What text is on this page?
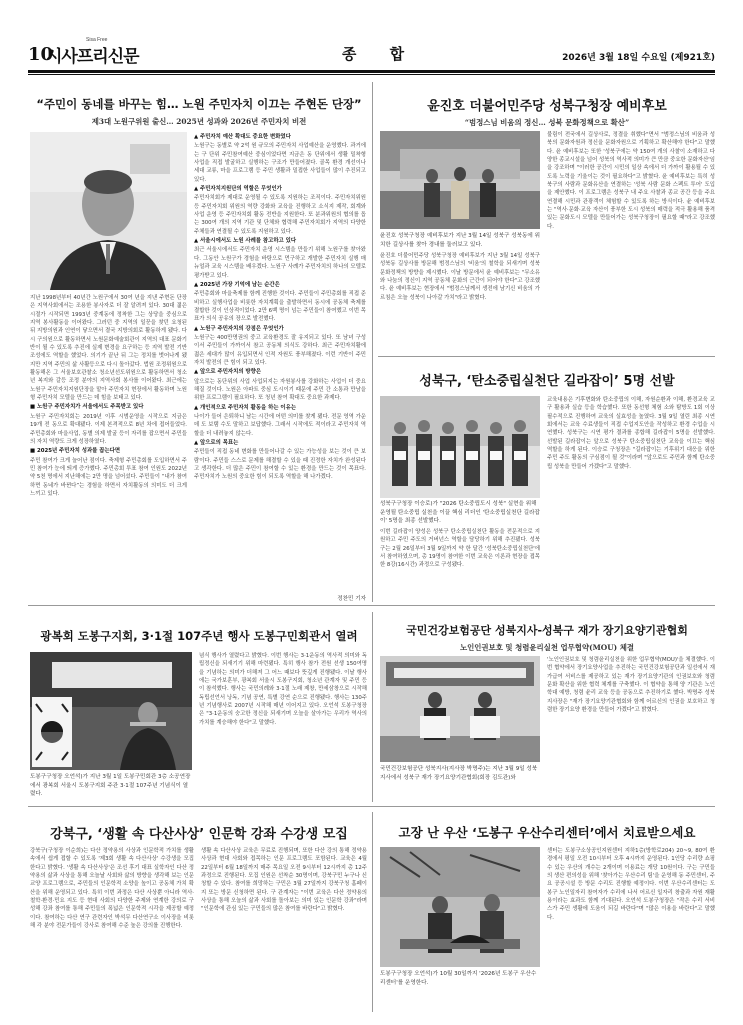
10
시사프리신문
Sisa Free
종 합	2026년 3월 18일 수요일 (제921호)
“주민이 동네를 바꾸는 힘… 노원 주민자치 이끄는 주현돈 단장”
제3대 노원구위원 출신… 2025년 성과와 2026년 주민자치 비전

지난 1998년부터 40년간 노원구에서 30여 년을 지낸 주현돈 단장은 지역사회에서는 조용한 봉사자로 더 잘 알려져 있다. 30대 젊은 시절가 시작되면 1993년 중계동에 정착한 그는 상당을 중심으로 지역 봉사활동을 이어왔다. 그러던 중 지역의 일꾼을 찾던 요청된 뒤 지방의원과 인연이 닿으면서 결국 지방의회로 활동하게 됐다. 다시 구의원으로 활동하면서 노원문화예술회관이 지역의 대표 문화기반이 될 수 있도록 추진에 실제 변경을 요구하는 등 지역 발전 기반 조성에도 역할을 했었다. 의기가 끝난 뒤 그는 정치를 벗어나게 됐지만 지역 주민의 삶 사활등으로 다시 돌아갔다. 법원 조정위원으로 활동해온 그 서울보호관찰소 청소년선도위원으로 활동하면서 청소년 복지와 갈등 조정 분야의 지역사회 봉사를 이어왔다. 최근에는 노원구 주민자치지원단장을 맡아 주민자치 현장에서 활동하며 노원형 주민자치 모델을 만드는 데 힘을 보태고 있다.

■ 노원구 주민자치가 서울에서도 주목받고 있다

노원구 주민자치회는 2019년 이후 시범운영을 시작으로 지금은 19개 전 동으로 확대됐다. 이제 본격적으로 8년 차에 접어들었다. 주민총회와 마을사업, 동별 의제 발굴 등이 자리를 잡으면서 주민들의 자치 역량도 크게 성장하였다.

■ 2025년 주민자치 성과를 꼽는다면

주민 참여가 크게 늘어난 점이다. 축제형 주민총회를 도입하면서 주민 참여가 눈에 띄게 증가했다. 주민총회 투표 참여 인원도 2022년 약 5천 명에서 지난해에는 2만 명을 넘어섰다. 주민들이 “내가 참여하면 동네가 바뀐다”는 경험을 하면서 자치활동의 의미도 더 크게 느끼고 있다.

▲ 주민자치 예산 확대도 중요한 변화였다

노원구는 동별로 약 2억 원 규모의 주민자치 사업예산을 운영했다. 과거에는 구 단위 주민참여예산 중심이었다면 지금은 동 단위에서 생활 밀착형 사업을 직접 발굴하고 실행하는 구조가 만들어졌다. 골목 환경 개선이나 세대 교류, 마을 프로그램 등 주민 생활과 밀접한 사업들이 많이 추진되고 있다.

▲ 주민자치지원단의 역할은 무엇인가

주민자치회가 제대로 운영될 수 있도록 지원하는 조직이다. 주민자치위원 등 주민자치회 위원의 역량 강화와 교육을 진행하고 소식지 제작, 회계와 사업 운영 등 주민자치회 활동 전반을 지원한다. 또 분과위원의 협의를 돕는 300여 개의 지역 기관 및 단체와 협력해 주민자치회가 지역의 다양한 주체들과 연결될 수 있도록 지원하고 있다.

▲ 서울시에서도 노원 사례를 참고하고 있다

최근 서울시에서도 주민자치 운영 시스템을 만들기 위해 노원구를 찾아왔다. 그동안 노원구가 경험을 바탕으로 먼구하고 개발한 주민자치 실행 매뉴얼과 교육 시스템을 배우겠다. 노원구 사례가 주민자치의 하나의 모델로 평가받고 있다.

▲ 2025년 가장 기억에 남는 순간은

주민총회와 마을축제를 함께 진행한 것이다. 주민들이 주민총회를 직접 준비하고 실행사업을 비롯한 자치계획을 출발하면서 동시에 공동체 축제를 결합한 것이 인상적이었다. 2만 6백 명이 넘는 주민들이 참여했고 이번 목표가 의식 공유의 장으로 발전했다.

▲ 노원구 주민자치의 강점은 무엇인가

노원구는 400만명권의 중고 교육환경도 잘 유지되고 있다. 또 남녀 구성이서 주민들이 가까이서 참고 공동체 의식도 강하다. 최근 주민자치활에 젊은 세대가 많이 유입되면서 인적 자원도 풍부해졌다. 이런 기반이 주민자치 발전의 큰 힘이 되고 있다.

▲ 앞으로 주민자치의 방향은

앞으로는 동단위의 사업 사업되지는 자원봉사를 강화하는 사업이 더 중요해질 것이다. 노원은 아파트 중심 도시이기 때문에 주민 간 소통과 만남을 위한 프로그램이 필요하다. 또 청년 참여 확대도 중요한 과제다.

▲ 개인적으로 주민자치 활동을 하는 이유는

나이가 들어 은퇴하니 남는 시간에 어떤 의미를 찾게 됐다. 전문 영역 가운데 도 보탬 수도 말하고 보답했다. 그래서 시작에도 적이라고 주민자치 역할을 더 내려놓지 않는다.

▲ 앞으로의 목표는

주민들이 직접 동네 변화를 만들어나갈 수 있는 가능성을 보는 것이 큰 보람이다. 주민들 스스로 문제를 해결할 수 있을 때 진정한 자치가 완성된다고 생각한다. 더 많은 주민이 참여할 수 있는 환경을 만드는 것이 목표다. 주민자치가 노원의 중요한 힘이 되도록 역할을 해 나가겠다.

정찬민 기자
윤진호 더불어민주당 성북구청장 예비후보
“범정스님 비움의 정신… 성북 문화정책으로 확산”
윤진호 성북구청장 예비후보가 지난 3월 14일 성북구 성북동에 위치한 길상사를 찾아 경내를 둘러보고 있다.
윤진호 더불어민주당 성북구청장 예비후보가 지난 3월 14일 성북구 성북동 길상사를 방문해 범정스님의 '비움'의 철학을 되새기며 성북 문화정책의 방향을 제시했다. 이날 방문에서 윤 예비후보는 "무소유와 나눔의 정신이 지역 공동체 문화의 근간이 되어야 한다"고 강조했다. 윤 예비후보는 현장에서 "범정스님께서 생전에 남기신 비움의 가르침은 오늘 성북이 나아갈 가치"라고 밝혔다.
불림이 전국에서 길상사로, 정결을 취했다"면서 "범정스님의 비움과 성북의 문화자원과 정신을 문화자원으로 기획하고 확산해야 한다"고 말했다. 윤 예비후보는 또한 '성북구에는 약 150여 개의 사찰이 소재하고 다양한 종교시설을 넘어 성북의 역사적 의미가 큰 만큼 중요한 문화자산'임을 강조하며 "이러한 공간이 시민의 일상 속에서 더 가까이 활용될 수 있도록 노력을 기울이는 것이 필요하다"고 밝혔다. 윤 예비후보는 특히 성북구의 사람과 문화유산을 연결하는 '성북 사람 문화 스펙트 투어' 도입을 제안했다. 이 프로그램은 성북구 내 주요 사찰과 종교 공간 등을 주요 연결해 시민과 관광객이 체험할 수 있도록 하는 방식이다. 윤 예비후보는 "역사·문화·교육 자산이 풍부한 도시 성북의 매력을 적극 활용해 품격 있는 문화도시 모델을 만들어가는 성북구청장이 필요할 때"라고 강조했다.
성북구, ‘탄소중립실천단 길라잡이’ 5명 선발
성북구구청장 이승로)가 "2026 탄소중립도시 성북" 실현을 위해 운영될 탄소중립 실천을 이끌 핵심 리더인 '탄소중립실천단 길라잡이' 5명을 최종 선발했다.
이번 길라잡이 양성은 성북구 탄소중립실천단 활동을 전문적으로 지원하고 주민 주도의 거버넌스 역할을 담당하기 위해 추진됐다. 성북구는 2월 26일부터 3월 9일까지 약 한 달간 '성북탄소중립실천단'에서 참여하였으며, 총 19명이 참여한 이번 교육은 이론과 현장을 접목한 8강(16시간) 과정으로 구성됐다.
교육내용은 기후변화와 탄소중립의 이해, 자원순환과 이해, 환경교육 교구 활용과 실습 등을 학습했다. 또한 동선형 체험 소와 탐방도 1회 이상 필수적으로 진행하여 교육의 실효성을 높였다. 3월 9일 열린 최종 시연회에서는 교육 수료생들이 직접 수업지도안을 작성하고 환경 수업을 시연했다. 성북구는 시연 평가 결과를 종합해 길라잡이 5명을 선발했다. 선발된 길라잡이는 앞으로 성북구 탄소중립실천단 교육을 이끄는 핵심 역할을 하게 된다. 이승로 구청장은 "길라잡이는 기후위기 대응을 위한 주민 주도 활동의 구심점이 될 것"이라며 "앞으로도 주민과 함께 탄소중립 성북을 만들어 가겠다"고 말했다.
광복회 도봉구지회, 3·1절 107주년 행사 도봉구민회관서 열려
도봉구구청장 오언석)가 지난 3월 1일 도봉구민회관 3층 소공연장에서 광복회 서울시 도봉구지회 주관 3·1절 107주년 기념식이 열렸다.
념식 행사가 열렸다고 밝혔다. 이번 행사는 3·1운동의 역사적 의미와 독립정신을 되새기기 위해 마련됐다. 특히 행사 참가 전원 선생 150여명을 기념하는 의미가 더해져 그 어느 때보다 뜻깊게 진행됐다. 이날 행사에는 국가보훈부, 광복회 서울시 도봉구지회, 청소년 관계자 및 주민 등이 참석했다. 행사는 국민의례와 3·1절 노래 제창, 만세삼창으로 시작해 독립선언서 낭독, 기념 공연, 특별 강연 순으로 진행됐다. 행사는 130주년 기념행사로 2007년 시작해 매년 이어지고 있다. 오언석 도봉구청장은 "3·1운동의 숭고한 정신을 되새기며 오늘을 살아가는 우리가 역사의 가치를 계승해야 한다"고 말했다.
국민건강보험공단 성북지사-성북구 재가 장기요양기관협회
노인인권보호 및 청렴윤리실천 업무협약(MOU) 체결
국민건강보험공단 성북지사(지사장 박명주)는 지난 3월 9일 성북지사에서 성북구 재가 장기요양기관협회(회장 김도관)와
'노인인권보호 및 청렴윤리실천을 위한 업무협약(MOU)'을 체결했다. 이번 협약에서 장기요양사업을 추진하는 국민건강보험공단과 일선에서 재가급여 서비스를 제공하고 있는 재가 장기요양기관의 인권보호와 청렴 문화 확산을 위한 협력 체계를 구축했다. 이 협약을 통해 양 기관은 노인학대 예방, 청렴 윤리 교육 등을 공동으로 추진하기로 했다. 박명주 성북지사장은 "재가 장기요양기관협회와 함께 어르신의 인권을 보호하고 청렴한 장기요양 환경을 만들어 가겠다"고 밝혔다.
강북구, ‘생활 속 다산사상’ 인문학 강좌 수강생 모집
강북구(구청장 이순희)는 다산 정약용의 사상과 인문학적 가치를 생활 속에서 쉽게 접할 수 있도록 '제3회 생활 속 다산사상' 수강생을 모집한다고 밝혔다. '생활 속 다산사상'은 조선 후기 대표 실학자인 다산 정약용의 삶과 사상을 통해 오늘날 사회와 삶의 방향을 생각해 보는 인문 교양 프로그램으로, 주민들의 인문학적 소양을 높이고 공동체 가치 확산을 위해 운영되고 있다. 특히 이번 과정은 다산 사상뿐 아니라 역사·철학·환경·민요 지도 등 현대 사회의 다양한 주제와 연계한 강의로 구성해 강좌 참여를 통해 주민들의 폭넓은 인문학적 시각을 제공할 예정이다. 참여하는 다산 연구 관련자인 박석무 다산연구소 이사장을 비롯해 각 분야 전문가들이 강사로 참여해 수준 높은 강의를 진행한다.
생활 속 다산사상 교육은 무료로 진행되며, 또한 다산 강의 통해 정약용 사상과 현대 사회와 접목하는 인문 프로그램도 포함된다. 교육은 4월 22일부터 6월 18일까지 매주 목요일 오전 9시부터 12시까지 총 12주 과정으로 진행된다. 모집 인원은 선착순 30명이며, 강북구민 누구나 신청할 수 있다. 참여를 희망하는 구민은 3월 27일까지 강북구청 홈페이지 또는 방문 신청하면 된다. 구 관계자는 "이번 교육은 다산 정약용의 사상을 통해 오늘의 삶과 사회를 돌아보는 의미 있는 인문학 강좌"라며 "인문학에 관심 있는 구민들의 많은 참여를 바란다"고 밝혔다.
고장 난 우산 ‘도봉구 우산수리센터’에서 치료받으세요
도봉구구청장 오언석)가 10월 30일까지 '2026년 도봉구 우산수리센터'를 운영한다.
센터는 도봉구소상공인지원센터 지하1층(방학로204) 20~9, 80여 환경에서 평일 오전 10시부터 오후 4시까지 운영된다. 1인당 수리량 쇼핑 수 있는 우산의 개수는 2개이며 이용료는 개당 10원이다. 구는 구민들의 생산 편의성을 위해 '찾아가는 우산수리 팀'을 운영해 동 주민센터, 주요 공공시설 등 방문 수리도 진행할 예정이다. 이번 우산수리센터는 도봉구 노인일자리 참여자가 수리에 나서 어르신 일자리 창출과 자원 재활용이라는 효과도 함께 기대된다. 오언석 도봉구청장은 "작은 수리 서비스가 주민 생활에 도움이 되길 바란다"며 "많은 이용을 바란다"고 말했다.
